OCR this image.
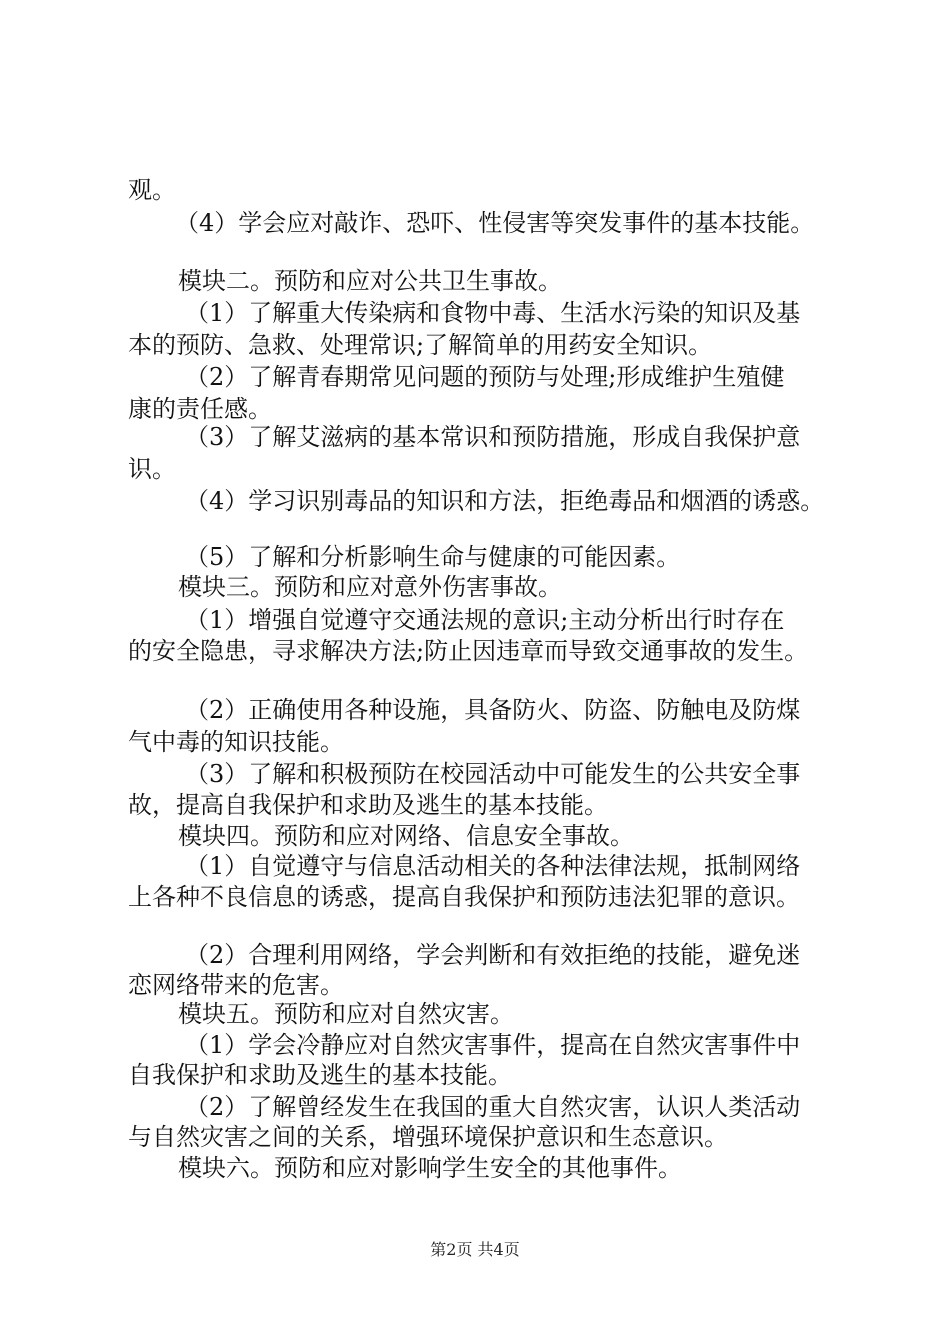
观。
（4）学会应对敲诈、恐吓、性侵害等突发事件的基本技能。
模块二。预防和应对公共卫生事故。
（1）了解重大传染病和食物中毒、生活水污染的知识及基
本的预防、急救、处理常识;了解简单的用药安全知识。
（2）了解青春期常见问题的预防与处理;形成维护生殖健
康的责任感。
（3）了解艾滋病的基本常识和预防措施，形成自我保护意
识。
（4）学习识别毒品的知识和方法，拒绝毒品和烟酒的诱惑。
（5）了解和分析影响生命与健康的可能因素。
模块三。预防和应对意外伤害事故。
（1）增强自觉遵守交通法规的意识;主动分析出行时存在
的安全隐患，寻求解决方法;防止因违章而导致交通事故的发生。
（2）正确使用各种设施，具备防火、防盗、防触电及防煤
气中毒的知识技能。
（3）了解和积极预防在校园活动中可能发生的公共安全事
故，提高自我保护和求助及逃生的基本技能。
模块四。预防和应对网络、信息安全事故。
（1）自觉遵守与信息活动相关的各种法律法规，抵制网络
上各种不良信息的诱惑，提高自我保护和预防违法犯罪的意识。
（2）合理利用网络，学会判断和有效拒绝的技能，避免迷
恋网络带来的危害。
模块五。预防和应对自然灾害。
（1）学会冷静应对自然灾害事件，提高在自然灾害事件中
自我保护和求助及逃生的基本技能。
（2）了解曾经发生在我国的重大自然灾害，认识人类活动
与自然灾害之间的关系，增强环境保护意识和生态意识。
模块六。预防和应对影响学生安全的其他事件。
第2页 共4页
